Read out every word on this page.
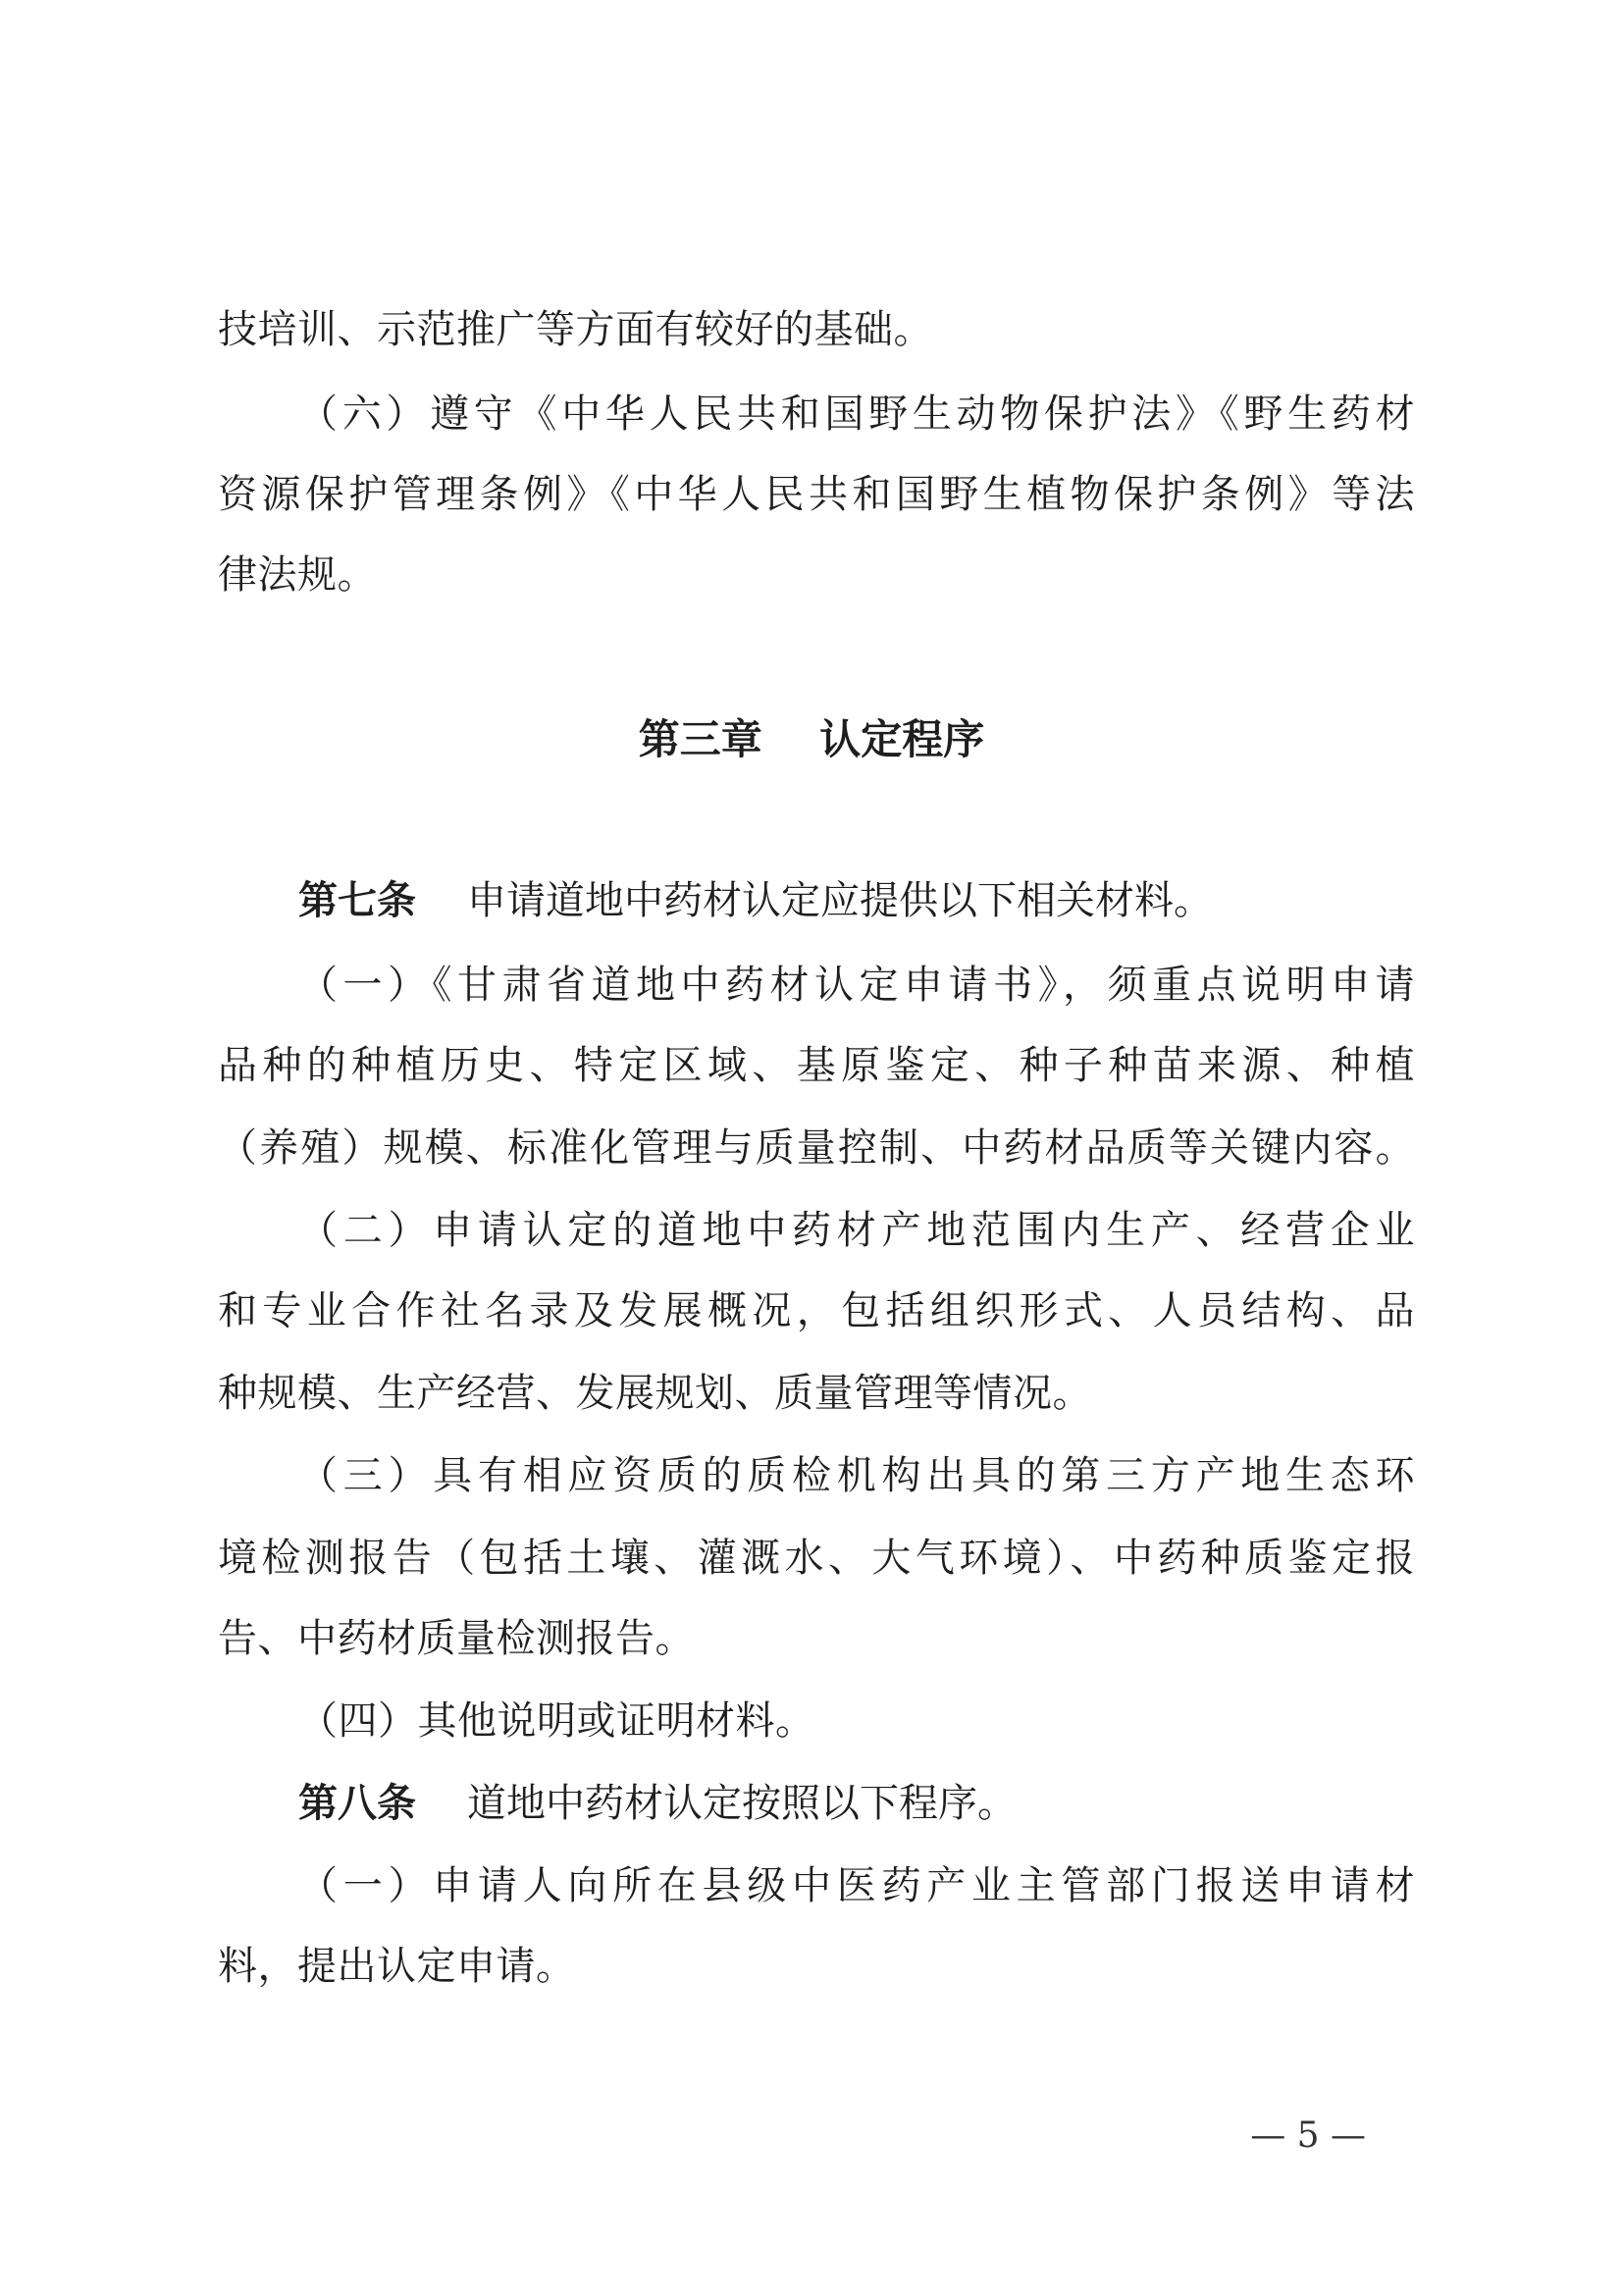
技培训、示范推广等方面有较好的基础。
（六）遵守《中华人民共和国野生动物保护法》《野生药材
资源保护管理条例》《中华人民共和国野生植物保护条例》等法
律法规。
第三章    认定程序
第七条 申请道地中药材认定应提供以下相关材料。
（一）《甘肃省道地中药材认定申请书》，须重点说明申请
品种的种植历史、特定区域、基原鉴定、种子种苗来源、种植
（养殖）规模、标准化管理与质量控制、中药材品质等关键内容。
（二）申请认定的道地中药材产地范围内生产、经营企业
和专业合作社名录及发展概况，包括组织形式、人员结构、品
种规模、生产经营、发展规划、质量管理等情况。
（三）具有相应资质的质检机构出具的第三方产地生态环
境检测报告（包括土壤、灌溉水、大气环境）、中药种质鉴定报
告、中药材质量检测报告。
（四）其他说明或证明材料。
第八条 道地中药材认定按照以下程序。
（一）申请人向所在县级中医药产业主管部门报送申请材
料，提出认定申请。
— 5 —
